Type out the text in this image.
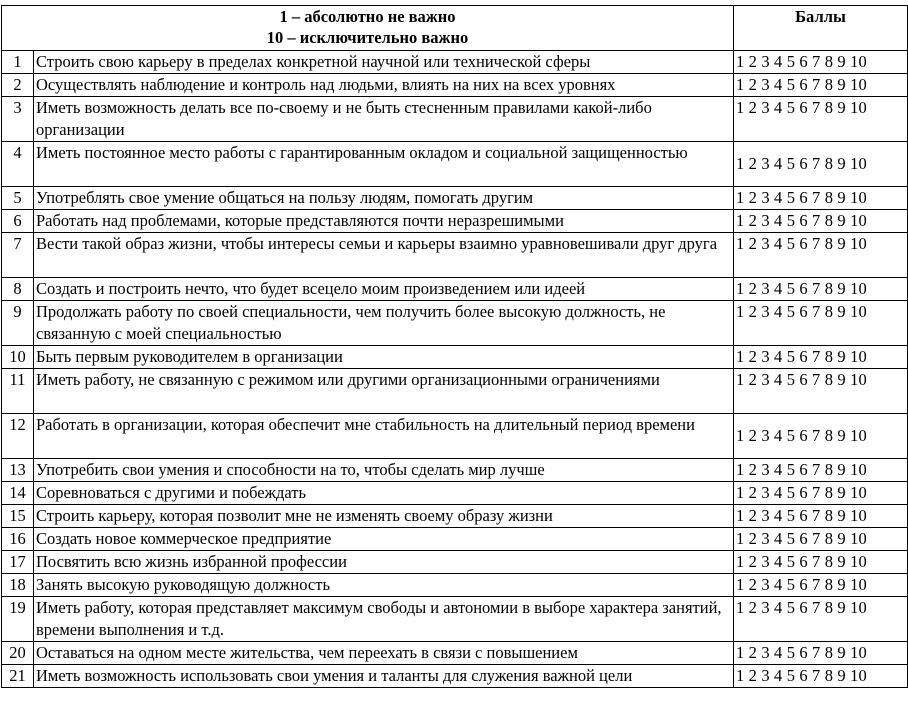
1 – абсолютно не важно
10 – исключительно важно		Баллы
1	Строить свою карьеру в пределах конкретной научной или технической сферы	1 2 3 4 5 6 7 8 9 10
2	Осуществлять наблюдение и контроль над людьми, влиять на них на всех уровнях	1 2 3 4 5 6 7 8 9 10
3	Иметь возможность делать все по-своему и не быть стесненным правилами какой-либо организации	1 2 3 4 5 6 7 8 9 10
4	Иметь постоянное место работы с гарантированным окладом и социальной защищенностью	1 2 3 4 5 6 7 8 9 10
5	Употреблять свое умение общаться на пользу людям, помогать другим	1 2 3 4 5 6 7 8 9 10
6	Работать над проблемами, которые представляются почти неразрешимыми	1 2 3 4 5 6 7 8 9 10
7	Вести такой образ жизни, чтобы интересы семьи и карьеры взаимно уравновешивали друг друга	1 2 3 4 5 6 7 8 9 10
8	Создать и построить нечто, что будет всецело моим произведением или идеей	1 2 3 4 5 6 7 8 9 10
9	Продолжать работу по своей специальности, чем получить более высокую должность, не связанную с моей специальностью	1 2 3 4 5 6 7 8 9 10
10	Быть первым руководителем в организации	1 2 3 4 5 6 7 8 9 10
11	Иметь работу, не связанную с режимом или другими организационными ограничениями	1 2 3 4 5 6 7 8 9 10
12	Работать в организации, которая обеспечит мне стабильность на длительный период времени	1 2 3 4 5 6 7 8 9 10
13	Употребить свои умения и способности на то, чтобы сделать мир лучше	1 2 3 4 5 6 7 8 9 10
14	Соревноваться с другими и побеждать	1 2 3 4 5 6 7 8 9 10
15	Строить карьеру, которая позволит мне не изменять своему образу жизни	1 2 3 4 5 6 7 8 9 10
16	Создать новое коммерческое предприятие	1 2 3 4 5 6 7 8 9 10
17	Посвятить всю жизнь избранной профессии	1 2 3 4 5 6 7 8 9 10
18	Занять высокую руководящую должность	1 2 3 4 5 6 7 8 9 10
19	Иметь работу, которая представляет максимум свободы и автономии в выборе характера занятий, времени выполнения и т.д.	1 2 3 4 5 6 7 8 9 10
20	Оставаться на одном месте жительства, чем переехать в связи с повышением	1 2 3 4 5 6 7 8 9 10
21	Иметь возможность использовать свои умения и таланты для служения важной цели	1 2 3 4 5 6 7 8 9 10
